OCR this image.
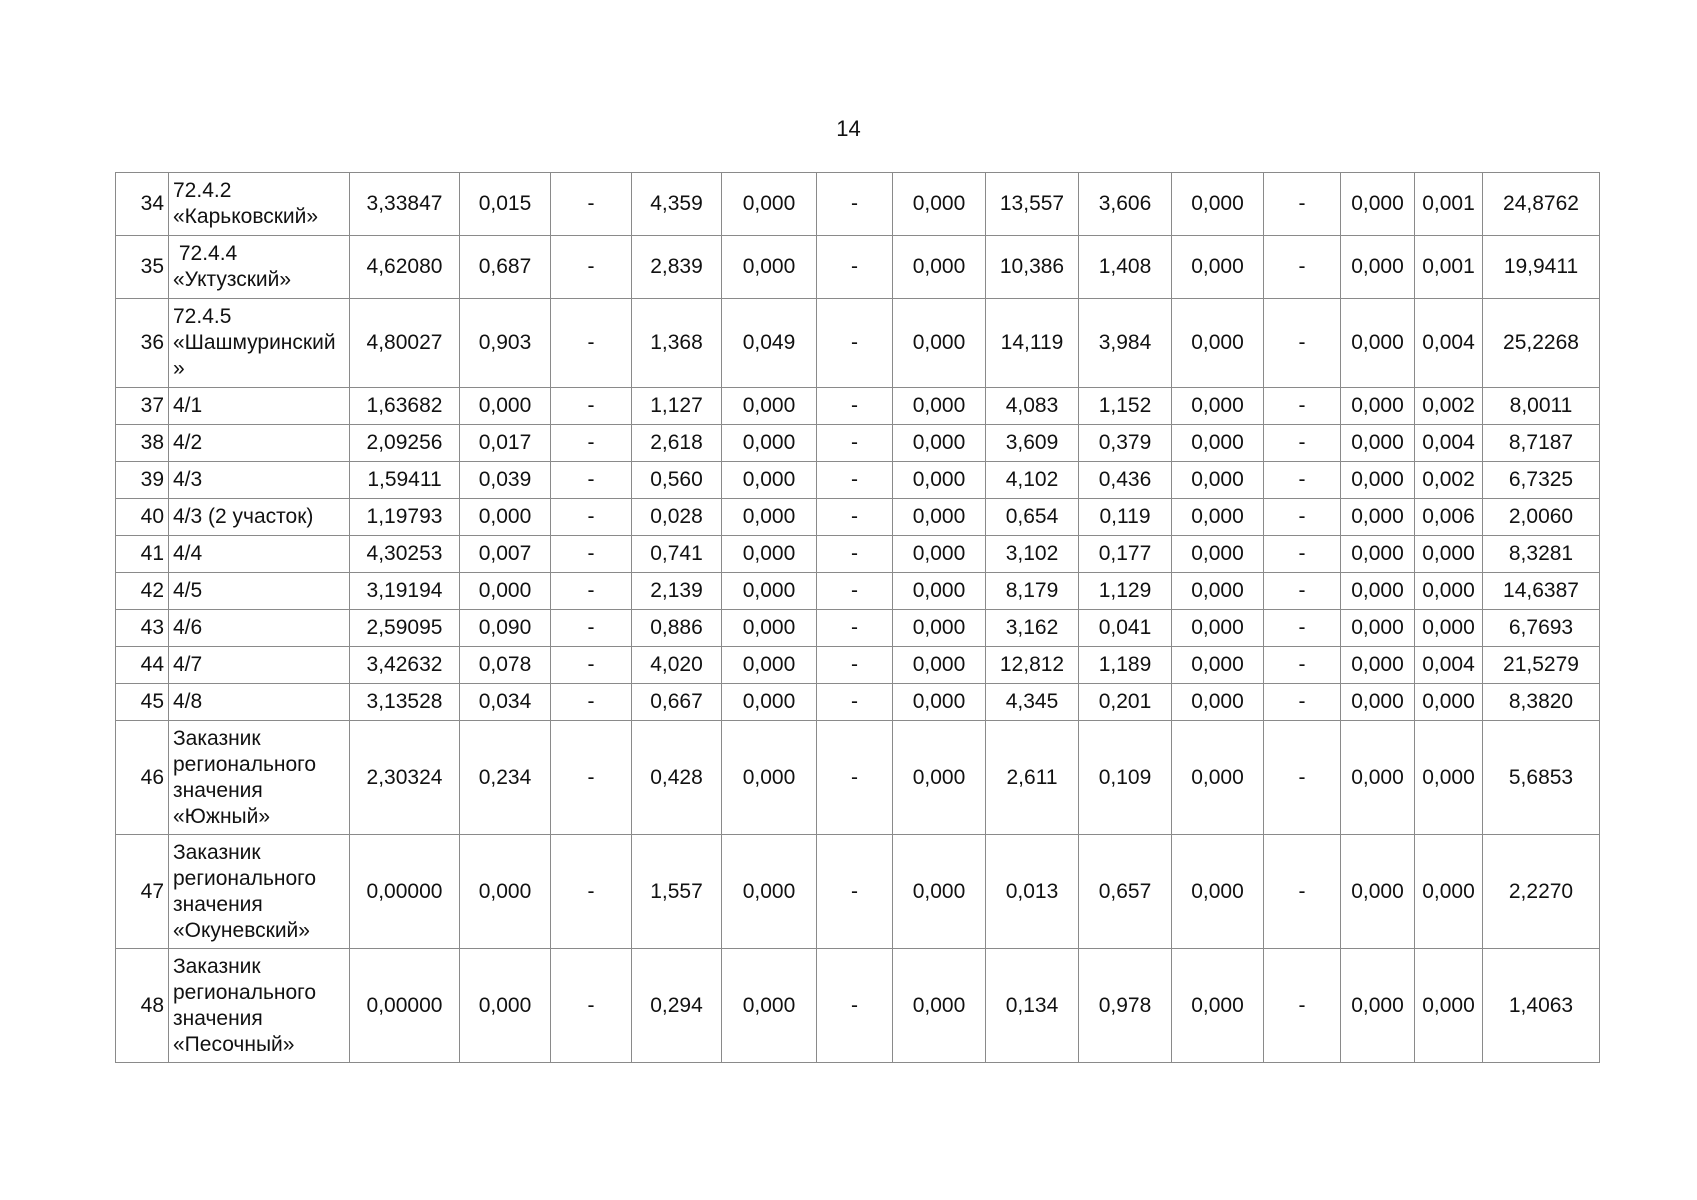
14
34	72.4.2
«Карьковский»	3,33847	0,015	-	4,359	0,000	-	0,000	13,557	3,606	0,000	-	0,000	0,001	24,8762
35	72.4.4
«Уктузский»	4,62080	0,687	-	2,839	0,000	-	0,000	10,386	1,408	0,000	-	0,000	0,001	19,9411
36	72.4.5
«Шашмуринский
»	4,80027	0,903	-	1,368	0,049	-	0,000	14,119	3,984	0,000	-	0,000	0,004	25,2268
37	4/1	1,63682	0,000	-	1,127	0,000	-	0,000	4,083	1,152	0,000	-	0,000	0,002	8,0011
38	4/2	2,09256	0,017	-	2,618	0,000	-	0,000	3,609	0,379	0,000	-	0,000	0,004	8,7187
39	4/3	1,59411	0,039	-	0,560	0,000	-	0,000	4,102	0,436	0,000	-	0,000	0,002	6,7325
40	4/3 (2 участок)	1,19793	0,000	-	0,028	0,000	-	0,000	0,654	0,119	0,000	-	0,000	0,006	2,0060
41	4/4	4,30253	0,007	-	0,741	0,000	-	0,000	3,102	0,177	0,000	-	0,000	0,000	8,3281
42	4/5	3,19194	0,000	-	2,139	0,000	-	0,000	8,179	1,129	0,000	-	0,000	0,000	14,6387
43	4/6	2,59095	0,090	-	0,886	0,000	-	0,000	3,162	0,041	0,000	-	0,000	0,000	6,7693
44	4/7	3,42632	0,078	-	4,020	0,000	-	0,000	12,812	1,189	0,000	-	0,000	0,004	21,5279
45	4/8	3,13528	0,034	-	0,667	0,000	-	0,000	4,345	0,201	0,000	-	0,000	0,000	8,3820
46	Заказник
регионального
значения
«Южный»	2,30324	0,234	-	0,428	0,000	-	0,000	2,611	0,109	0,000	-	0,000	0,000	5,6853
47	Заказник
регионального
значения
«Окуневский»	0,00000	0,000	-	1,557	0,000	-	0,000	0,013	0,657	0,000	-	0,000	0,000	2,2270
48	Заказник
регионального
значения
«Песочный»	0,00000	0,000	-	0,294	0,000	-	0,000	0,134	0,978	0,000	-	0,000	0,000	1,4063
